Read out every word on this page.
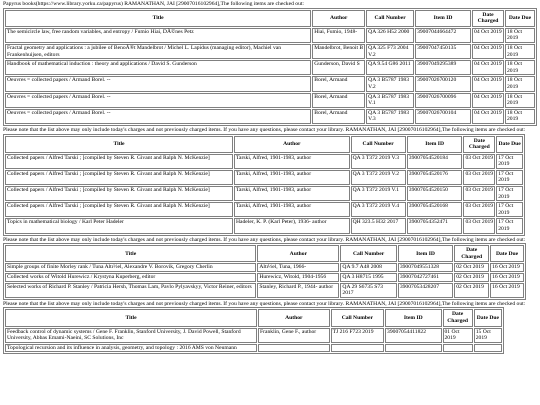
Papyrus books(https://www.library.yorku.ca/papyrus) RAMANATHAN, JAI [29007016102964],The following items are checked out:

Title	Author	Call Number	Item ID	Date Charged	Date Due
The semicircle law, free random variables, and entropy / Fumio Hiai, DÃ©nes Petz	Hiai, Fumio, 1948-	QA 326 H52 2000	39007044664472	04 Oct 2019	18 Oct 2019
Fractal geometry and applications : a jubilee of BenoÃ®t Mandelbrot / Michel L. Lapidus (managing editor), Machiel van Frankenhuijsen, editors	Mandelbrot, Benoit B	QA 325 F73 2004 V.2	39007047450135	04 Oct 2019	18 Oct 2019
Handbook of mathematical induction : theory and applications / David S. Gunderson	Gunderson, David S	QA 9.54 G86 2011	39007049295389	04 Oct 2019	18 Oct 2019
Oeuvres = collected papers / Armand Borel. --	Borel, Armand	QA 3 B5787 1983 V.2	39007026700120	04 Oct 2019	18 Oct 2019
Oeuvres = collected papers / Armand Borel. --	Borel, Armand	QA 3 B5787 1983 V.1	39007026700096	04 Oct 2019	18 Oct 2019
Oeuvres = collected papers / Armand Borel. --	Borel, Armand	QA 3 B5787 1983 V.3	39007026700104	04 Oct 2019	18 Oct 2019

Please note that the list above may only include today's charges and not previously charged items. If you have any questions, please contact your library. RAMANATHAN, JAI [29007016102964],The following items are checked out:

Title	Author	Call Number	Item ID	Date Charged	Date Due
Collected papers / Alfred Tarski ; [compiled by Steven R. Givant and Ralph N. McKenzie]	Tarski, Alfred, 1901-1983, author	QA 3 T372 2019 V.3	39007054520184	03 Oct 2019	17 Oct 2019
Collected papers / Alfred Tarski ; [compiled by Steven R. Givant and Ralph N. McKenzie]	Tarski, Alfred, 1901-1983, author	QA 3 T372 2019 V.2	39007054520176	03 Oct 2019	17 Oct 2019
Collected papers / Alfred Tarski ; [compiled by Steven R. Givant and Ralph N. McKenzie]	Tarski, Alfred, 1901-1983, author	QA 3 T372 2019 V.1	39007054520150	03 Oct 2019	17 Oct 2019
Collected papers / Alfred Tarski ; [compiled by Steven R. Givant and Ralph N. McKenzie]	Tarski, Alfred, 1901-1983, author	QA 3 T372 2019 V.4	39007054520168	03 Oct 2019	17 Oct 2019
Topics in mathematical biology / Karl Peter Hadeler	Hadeler, K. P. (Karl Peter), 1936- author	QH 323.5 H32 2017	39007054352471	03 Oct 2019	17 Oct 2019

Please note that the list above may only include today's charges and not previously charged items. If you have any questions, please contact your library. RAMANATHAN, JAI [29007016102964],The following items are checked out:

Title	Author	Call Number	Item ID	Date Charged	Date Due
Simple groups of finite Morley rank / Tuna Altı½el, Alexandre V. Borovik, Gregory Cherlin	Altı½el, Tuna, 1966-	QA 9.7 A48 2008	39007049551328	02 Oct 2019	16 Oct 2019
Collected works of Witold Hurewicz / Krystyna Kuperberg, editor	Hurewicz, Witold, 1904-1956	QA 3 H8715 1995	39007042727461	02 Oct 2019	16 Oct 2019
Selected works of Richard P. Stanley / Patricia Hersh, Thomas Lam, Pavlo Pylyavskyy, Victor Reiner, editors	Stanley, Richard P., 1944- author	QA 29 S6735 S73 2017	39007053428207	02 Oct 2019	16 Oct 2019

Please note that the list above may only include today's charges and not previously charged items. If you have any questions, please contact your library. RAMANATHAN, JAI [29007016102964],The following items are checked out:

Title	Author	Call Number	Item ID	Date Charged	Date Due
Feedback control of dynamic systems / Gene F. Franklin, Stanford University, J. David Powell, Stanford University, Abbas Emami-Naeini, SC Solutions, Inc	Franklin, Gene F., author	TJ 216 F723 2019	39007054411822	01 Oct 2019	15 Oct 2019
Topological recursion and its influence in analysis, geometry, and topology : 2016 AMS von Neumann					
